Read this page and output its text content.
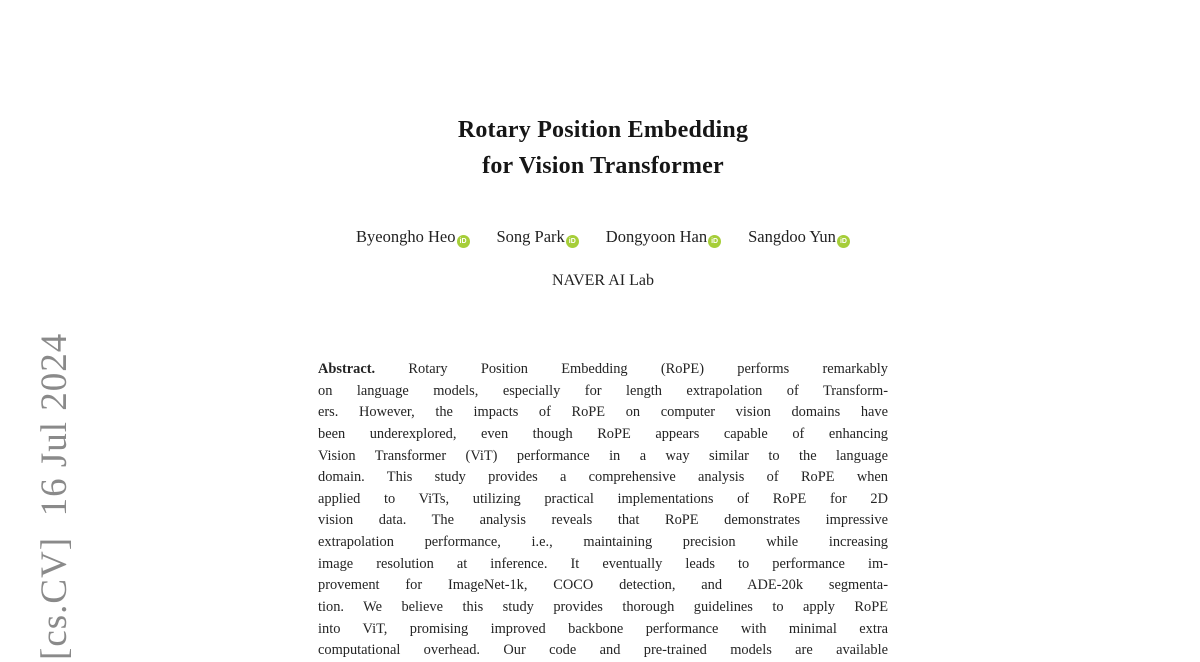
[cs.CV]  16 Jul 2024
Rotary Position Embedding
for Vision Transformer
Byeongho Heo iD Song Park iD Dongyoon Han iD Sangdoo Yun iD
NAVER AI Lab
Abstract. Rotary Position Embedding (RoPE) performs remarkably
on language models, especially for length extrapolation of Transform-
ers. However, the impacts of RoPE on computer vision domains have
been underexplored, even though RoPE appears capable of enhancing
Vision Transformer (ViT) performance in a way similar to the language
domain. This study provides a comprehensive analysis of RoPE when
applied to ViTs, utilizing practical implementations of RoPE for 2D
vision data. The analysis reveals that RoPE demonstrates impressive
extrapolation performance, i.e., maintaining precision while increasing
image resolution at inference. It eventually leads to performance im-
provement for ImageNet-1k, COCO detection, and ADE-20k segmenta-
tion. We believe this study provides thorough guidelines to apply RoPE
into ViT, promising improved backbone performance with minimal extra
computational overhead. Our code and pre-trained models are available
